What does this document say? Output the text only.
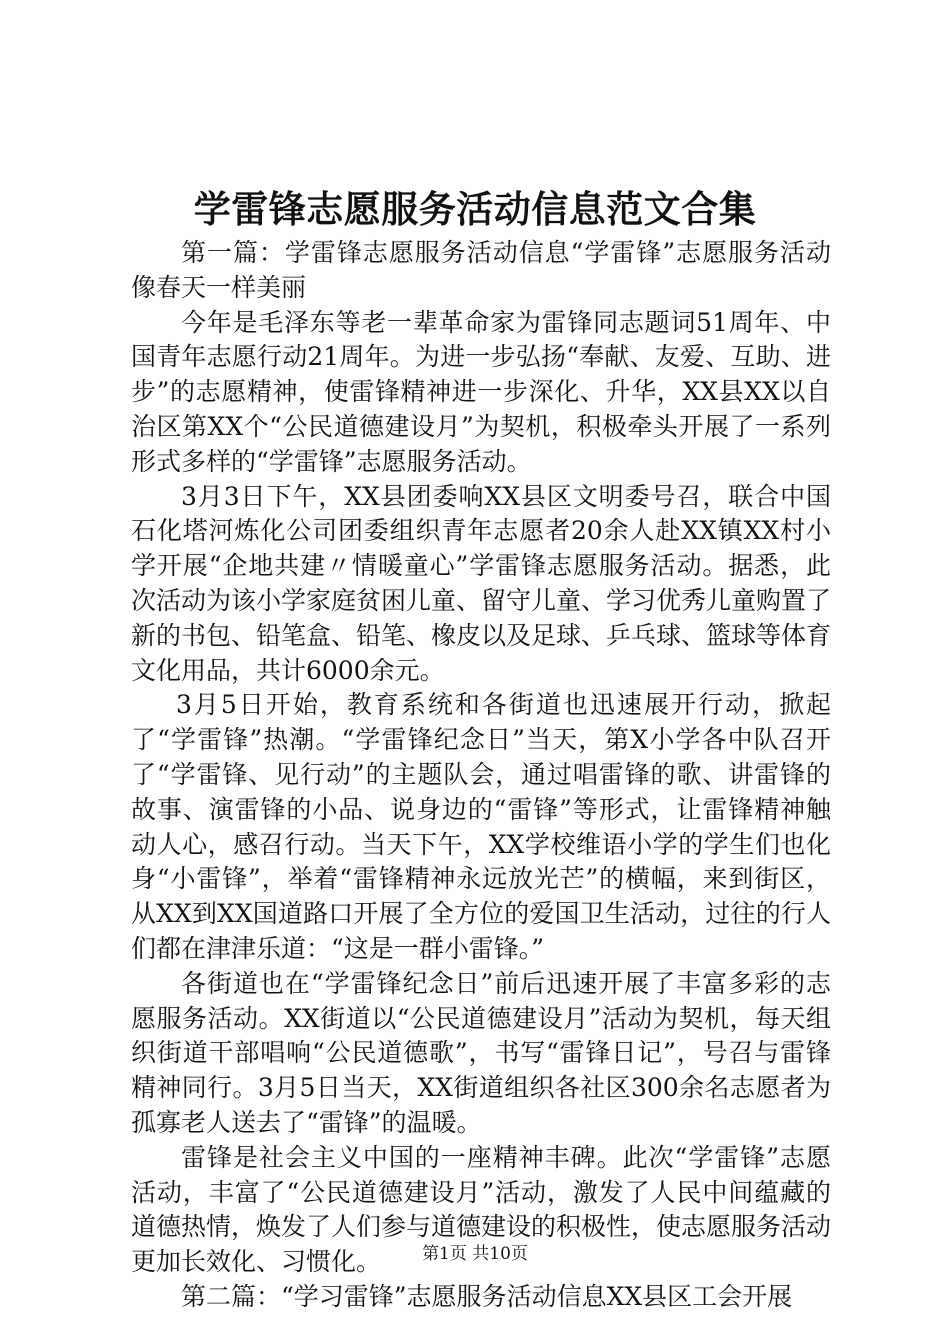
学雷锋志愿服务活动信息范文合集

第一篇：学雷锋志愿服务活动信息“学雷锋”志愿服务活动像春天一样美丽

今年是毛泽东等老一辈革命家为雷锋同志题词51周年、中国青年志愿行动21周年。为进一步弘扬“奉献、友爱、互助、进步”的志愿精神，使雷锋精神进一步深化、升华，XX县XX以自治区第XX个“公民道德建设月”为契机，积极牵头开展了一系列形式多样的“学雷锋”志愿服务活动。

3月3日下午，XX县团委响XX县区文明委号召，联合中国石化塔河炼化公司团委组织青年志愿者20余人赴XX镇XX村小学开展“企地共建〃情暖童心”学雷锋志愿服务活动。据悉，此次活动为该小学家庭贫困儿童、留守儿童、学习优秀儿童购置了新的书包、铅笔盒、铅笔、橡皮以及足球、乒乓球、篮球等体育文化用品，共计6000余元。

3月5日开始，教育系统和各街道也迅速展开行动，掀起了“学雷锋”热潮。“学雷锋纪念日”当天，第X小学各中队召开了“学雷锋、见行动”的主题队会，通过唱雷锋的歌、讲雷锋的故事、演雷锋的小品、说身边的“雷锋”等形式，让雷锋精神触动人心，感召行动。当天下午，XX学校维语小学的学生们也化身“小雷锋”，举着“雷锋精神永远放光芒”的横幅，来到街区，从XX到XX国道路口开展了全方位的爱国卫生活动，过往的行人们都在津津乐道：“这是一群小雷锋。”

各街道也在“学雷锋纪念日”前后迅速开展了丰富多彩的志愿服务活动。XX街道以“公民道德建设月”活动为契机，每天组织街道干部唱响“公民道德歌”，书写“雷锋日记”，号召与雷锋精神同行。3月5日当天，XX街道组织各社区300余名志愿者为孤寡老人送去了“雷锋”的温暖。

雷锋是社会主义中国的一座精神丰碑。此次“学雷锋”志愿活动，丰富了“公民道德建设月”活动，激发了人民中间蕴藏的道德热情，焕发了人们参与道德建设的积极性，使志愿服务活动更加长效化、习惯化。

第二篇：“学习雷锋”志愿服务活动信息XX县区工会开展

第1页 共10页
